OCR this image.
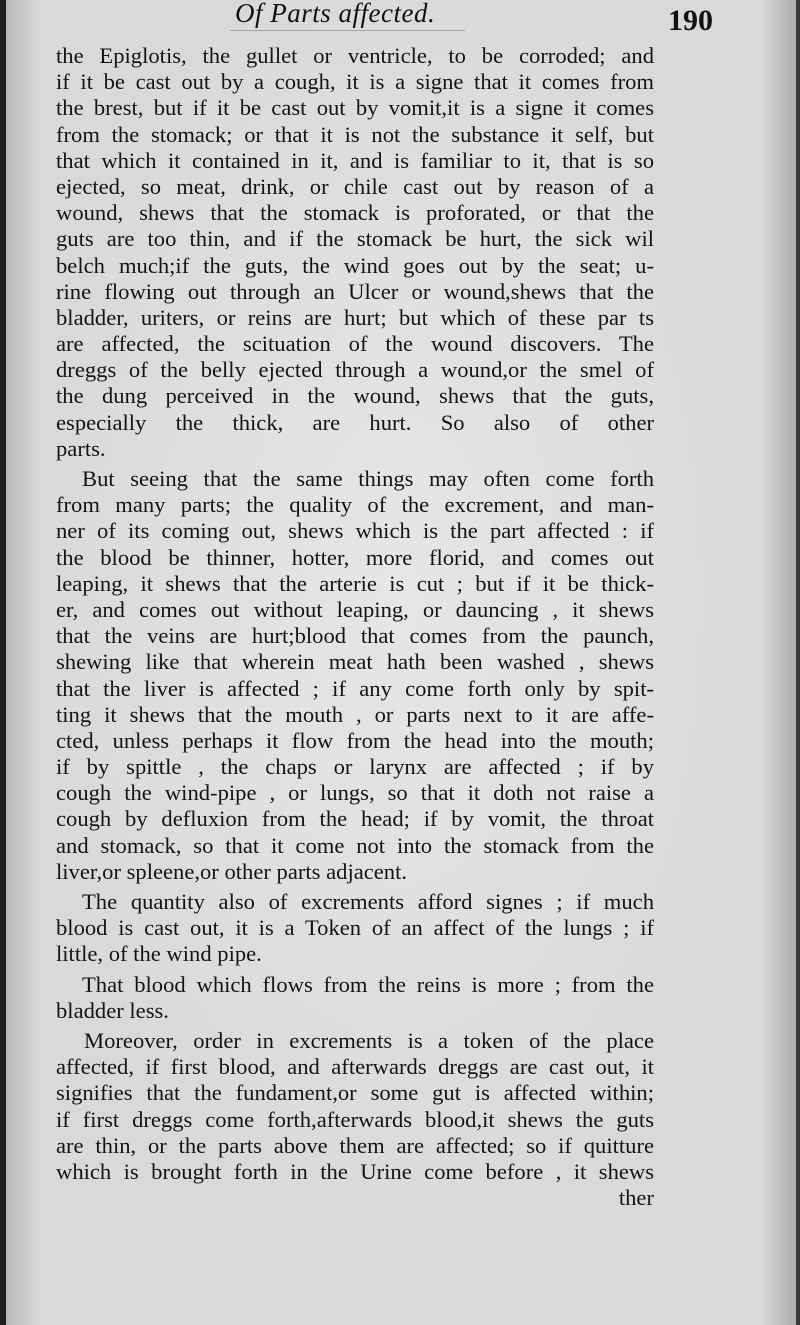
Of Parts affected.	190
the Epiglotis, the gullet or ventricle, to be corroded; and
if it be cast out by a cough, it is a signe that it comes from
the brest, but if it be cast out by vomit,it is a signe it comes
from the stomack; or that it is not the substance it self, but
that which it contained in it, and is familiar to it, that is so
ejected, so meat, drink, or chile cast out by reason of a
wound, shews that the stomack is proforated, or that the
guts are too thin, and if the stomack be hurt, the sick wil
belch much;if the guts, the wind goes out by the seat; u-
rine flowing out through an Ulcer or wound,shews that the
bladder, uriters, or reins are hurt; but which of these par ts
are affected, the scituation of the wound discovers. The
dreggs of the belly ejected through a wound,or the smel of
the dung perceived in the wound, shews that the guts,
especially the thick, are hurt. So also of other
parts.
But seeing that the same things may often come forth
from many parts; the quality of the excrement, and man-
ner of its coming out, shews which is the part affected : if
the blood be thinner, hotter, more florid, and comes out
leaping, it shews that the arterie is cut ; but if it be thick-
er, and comes out without leaping, or dauncing , it shews
that the veins are hurt;blood that comes from the paunch,
shewing like that wherein meat hath been washed , shews
that the liver is affected ; if any come forth only by spit-
ting it shews that the mouth , or parts next to it are affe-
cted, unless perhaps it flow from the head into the mouth;
if by spittle , the chaps or larynx are affected ; if by
cough the wind-pipe , or lungs, so that it doth not raise a
cough by defluxion from the head; if by vomit, the throat
and stomack, so that it come not into the stomack from the
liver,or spleene,or other parts adjacent.
The quantity also of excrements afford signes ; if much
blood is cast out, it is a Token of an affect of the lungs ; if
little, of the wind pipe.
That blood which flows from the reins is more ; from the
bladder less.
Moreover, order in excrements is a token of the place
affected, if first blood, and afterwards dreggs are cast out, it
signifies that the fundament,or some gut is affected within;
if first dreggs come forth,afterwards blood,it shews the guts
are thin, or the parts above them are affected; so if quitture
which is brought forth in the Urine come before , it shews
ther
